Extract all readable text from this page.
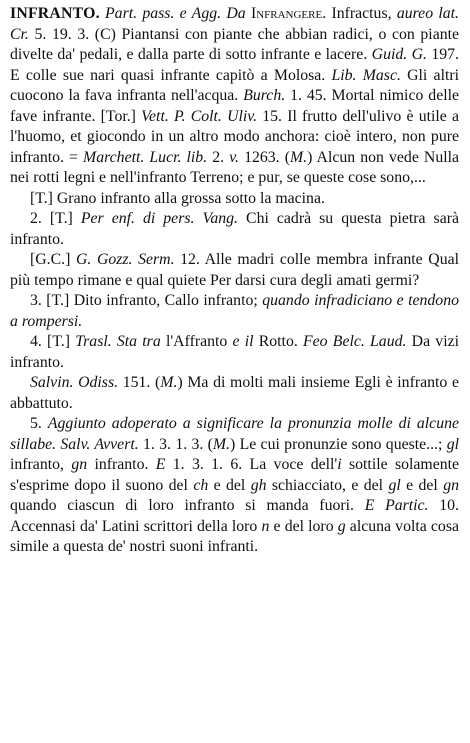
INFRANTO. Part. pass. e Agg. Da Infrangere. Infractus, aureo lat. Cr. 5. 19. 3. (C) Piantansi con piante che abbian radici, o con piante divelte da' pedali, e dalla parte di sotto infrante e lacere. Guid. G. 197. E colle sue nari quasi infrante capitò a Molosa. Lib. Masc. Gli altri cuocono la fava infranta nell'acqua. Burch. 1. 45. Mortal nimico delle fave infrante. [Tor.] Vett. P. Colt. Uliv. 15. Il frutto dell'ulivo è utile a l'huomo, et giocondo in un altro modo anchora: cioè intero, non pure infranto. = Marchett. Lucr. lib. 2. v. 1263. (M.) Alcun non vede Nulla nei rotti legni e nell'infranto Terreno; e pur, se queste cose sono,...

[T.] Grano infranto alla grossa sotto la macina.

2. [T.] Per enf. di pers. Vang. Chi cadrà su questa pietra sarà infranto.

[G.C.] G. Gozz. Serm. 12. Alle madri colle membra infrante Qual più tempo rimane e qual quiete Per darsi cura degli amati germi?

3. [T.] Dito infranto, Callo infranto; quando infradiciano e tendono a rompersi.

4. [T.] Trasl. Sta tra l'Affranto e il Rotto. Feo Belc. Laud. Da vizi infranto.

Salvin. Odiss. 151. (M.) Ma di molti mali insieme Egli è infranto e abbattuto.

5. Aggiunto adoperato a significare la pronunzia molle di alcune sillabe. Salv. Avvert. 1. 3. 1. 3. (M.) Le cui pronunzie sono queste...; gl infranto, gn infranto. E 1. 3. 1. 6. La voce dell'i sottile solamente s'esprime dopo il suono del ch e del gh schiacciato, e del gl e del gn quando ciascun di loro infranto si manda fuori. E Partic. 10. Accennasi da' Latini scrittori della loro n e del loro g alcuna volta cosa simile a questa de' nostri suoni infranti.
